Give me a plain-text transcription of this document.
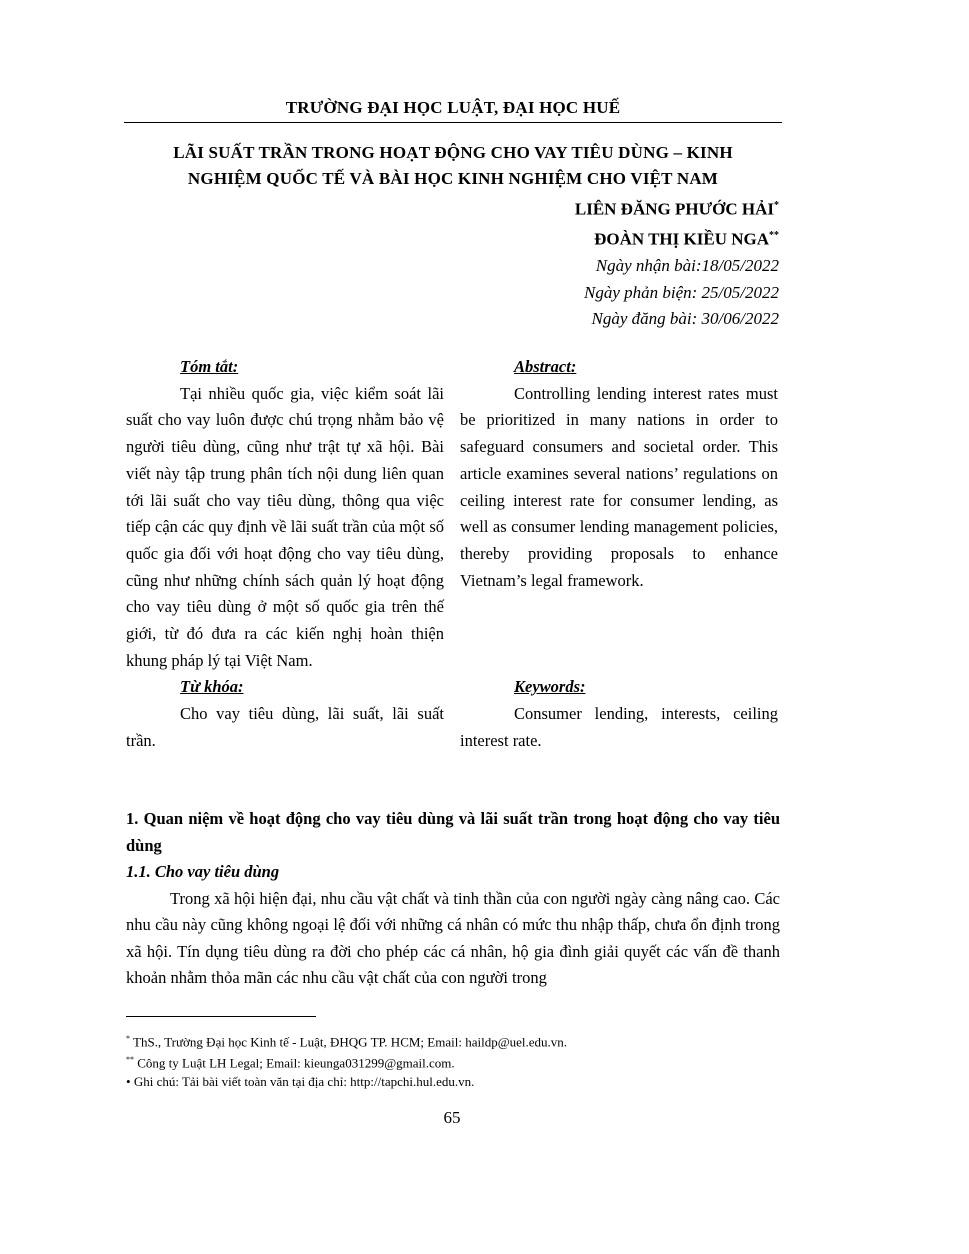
TRƯỜNG ĐẠI HỌC LUẬT, ĐẠI HỌC HUẾ
LÃI SUẤT TRẦN TRONG HOẠT ĐỘNG CHO VAY TIÊU DÙNG – KINH
NGHIỆM QUỐC TẾ VÀ BÀI HỌC KINH NGHIỆM CHO VIỆT NAM
LIÊN ĐĂNG PHƯỚC HẢI*
ĐOÀN THỊ KIỀU NGA**
Ngày nhận bài:18/05/2022
Ngày phản biện: 25/05/2022
Ngày đăng bài: 30/06/2022
Tóm tắt:

Tại nhiều quốc gia, việc kiểm soát lãi suất cho vay luôn được chú trọng nhằm bảo vệ người tiêu dùng, cũng như trật tự xã hội. Bài viết này tập trung phân tích nội dung liên quan tới lãi suất cho vay tiêu dùng, thông qua việc tiếp cận các quy định về lãi suất trần của một số quốc gia đối với hoạt động cho vay tiêu dùng, cũng như những chính sách quản lý hoạt động cho vay tiêu dùng ở một số quốc gia trên thế giới, từ đó đưa ra các kiến nghị hoàn thiện khung pháp lý tại Việt Nam.

Từ khóa:

Cho vay tiêu dùng, lãi suất, lãi suất trần.

Abstract:

Controlling lending interest rates must be prioritized in many nations in order to safeguard consumers and societal order. This article examines several nations’ regulations on ceiling interest rate for consumer lending, as well as consumer lending management policies, thereby providing proposals to enhance Vietnam’s legal framework.

Keywords:

Consumer lending, interests, ceiling interest rate.

1. Quan niệm về hoạt động cho vay tiêu dùng và lãi suất trần trong hoạt động cho vay tiêu dùng
1.1. Cho vay tiêu dùng

Trong xã hội hiện đại, nhu cầu vật chất và tinh thần của con người ngày càng nâng cao. Các nhu cầu này cũng không ngoại lệ đối với những cá nhân có mức thu nhập thấp, chưa ổn định trong xã hội. Tín dụng tiêu dùng ra đời cho phép các cá nhân, hộ gia đình giải quyết các vấn đề thanh khoản nhằm thỏa mãn các nhu cầu vật chất của con người trong

* ThS., Trường Đại học Kinh tế - Luật, ĐHQG TP. HCM; Email: haildp@uel.edu.vn.
** Công ty Luật LH Legal; Email: kieunga031299@gmail.com.
• Ghi chú: Tải bài viết toàn văn tại địa chỉ: http://tapchi.hul.edu.vn.
65
